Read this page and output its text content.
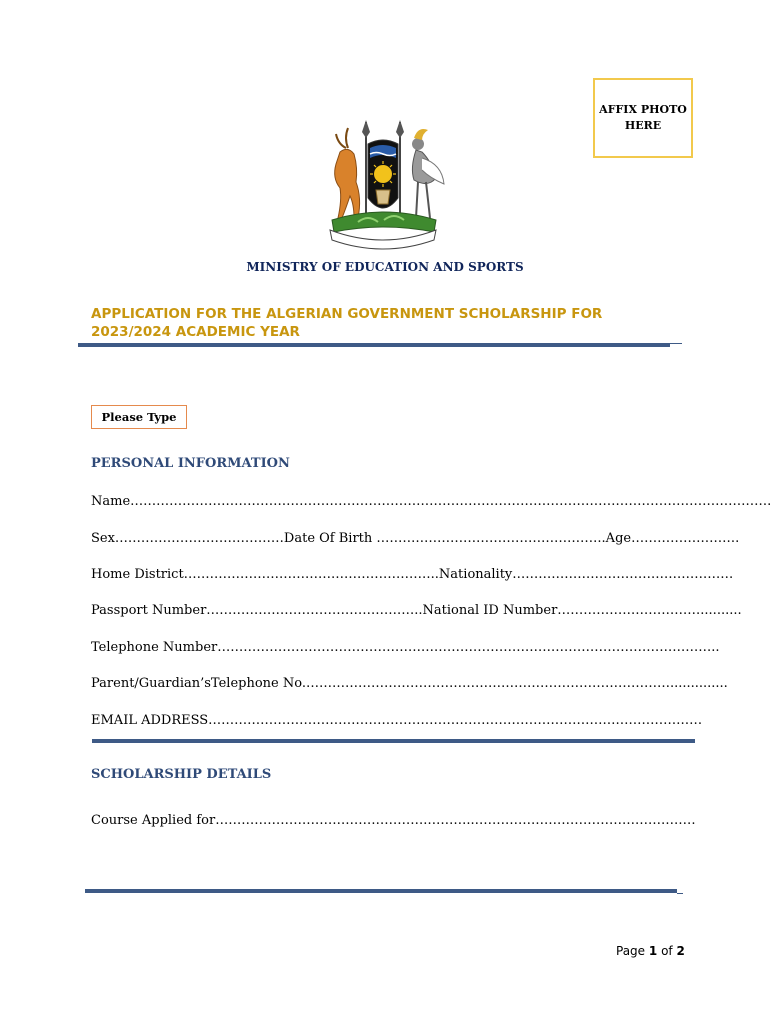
AFFIX PHOTO
HERE
MINISTRY OF EDUCATION AND SPORTS
APPLICATION FOR THE ALGERIAN GOVERNMENT SCHOLARSHIP FOR
2023/2024 ACADEMIC YEAR
Please Type
PERSONAL INFORMATION
Name………………………………………………………………………………………………………………………………….
Sex…………………………………Date Of Birth ……………………………………………..Age…………………….
Home District…………………………………………………..Nationality……………………………………………
Passport Number…………………………………………..National ID Number……………………………..........
Telephone Number……………………………………………………………………………………………………..
Parent/Guardian’sTelephone No.…………………………………………………………………………..............
EMAIL ADDRESS……………………………………………………………………………………………………
SCHOLARSHIP DETAILS
Course Applied for………………………………………….………..……………………………………………
Page 1 of 2
